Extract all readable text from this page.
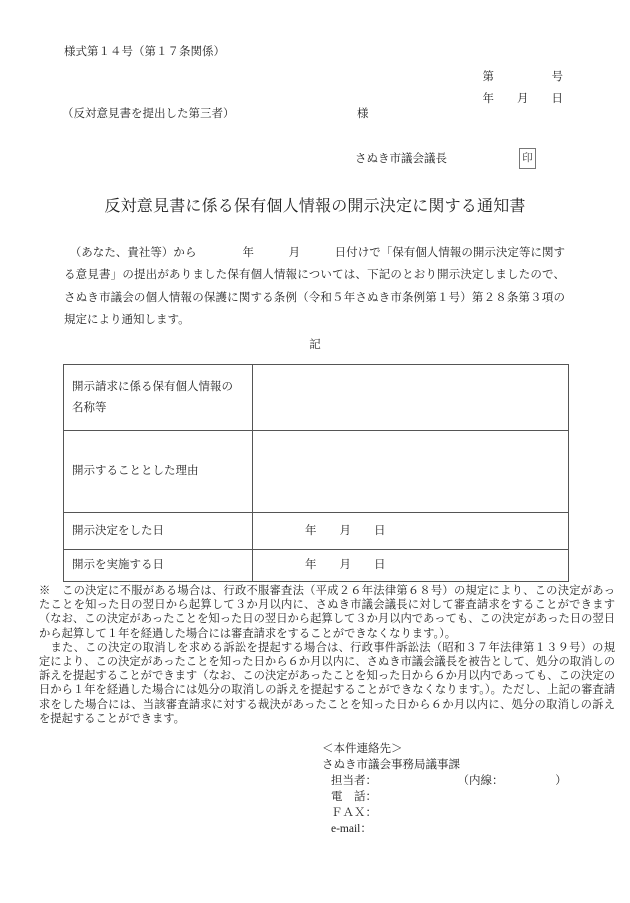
様式第１４号（第１７条関係）
第　　　　　号
年　　月　　日
（反対意見書を提出した第三者）	様
さぬき市議会議長	印
反対意見書に係る保有個人情報の開示決定に関する通知書
　（あなた、貴社等）から　　　　年　　　月　　　日付けで「保有個人情報の開示決定等に関する意見書」の提出がありました保有個人情報については、下記のとおり開示決定しましたので、さぬき市議会の個人情報の保護に関する条例（令和５年さぬき市条例第１号）第２８条第３項の規定により通知します。
記
開示請求に係る保有個人情報の名称等	
開示することとした理由	
開示決定をした日	年　　月　　日
開示を実施する日	年　　月　　日

※　この決定に不服がある場合は、行政不服審査法（平成２６年法律第６８号）の規定により、この決定があったことを知った日の翌日から起算して３か月以内に、さぬき市議会議長に対して審査請求をすることができます（なお、この決定があったことを知った日の翌日から起算して３か月以内であっても、この決定があった日の翌日から起算して１年を経過した場合には審査請求をすることができなくなります。）。

　また、この決定の取消しを求める訴訟を提起する場合は、行政事件訴訟法（昭和３７年法律第１３９号）の規定により、この決定があったことを知った日から６か月以内に、さぬき市議会議長を被告として、処分の取消しの訴えを提起することができます（なお、この決定があったことを知った日から６か月以内であっても、この決定の日から１年を経過した場合には処分の取消しの訴えを提起することができなくなります。）。ただし、上記の審査請求をした場合には、当該審査請求に対する裁決があったことを知った日から６か月以内に、処分の取消しの訴えを提起することができます。

＜本件連絡先＞
さぬき市議会事務局議事課
担当者：　　　　　　　　（内線：　　　　　）
電　話：
ＦＡＸ：
e-mail：
